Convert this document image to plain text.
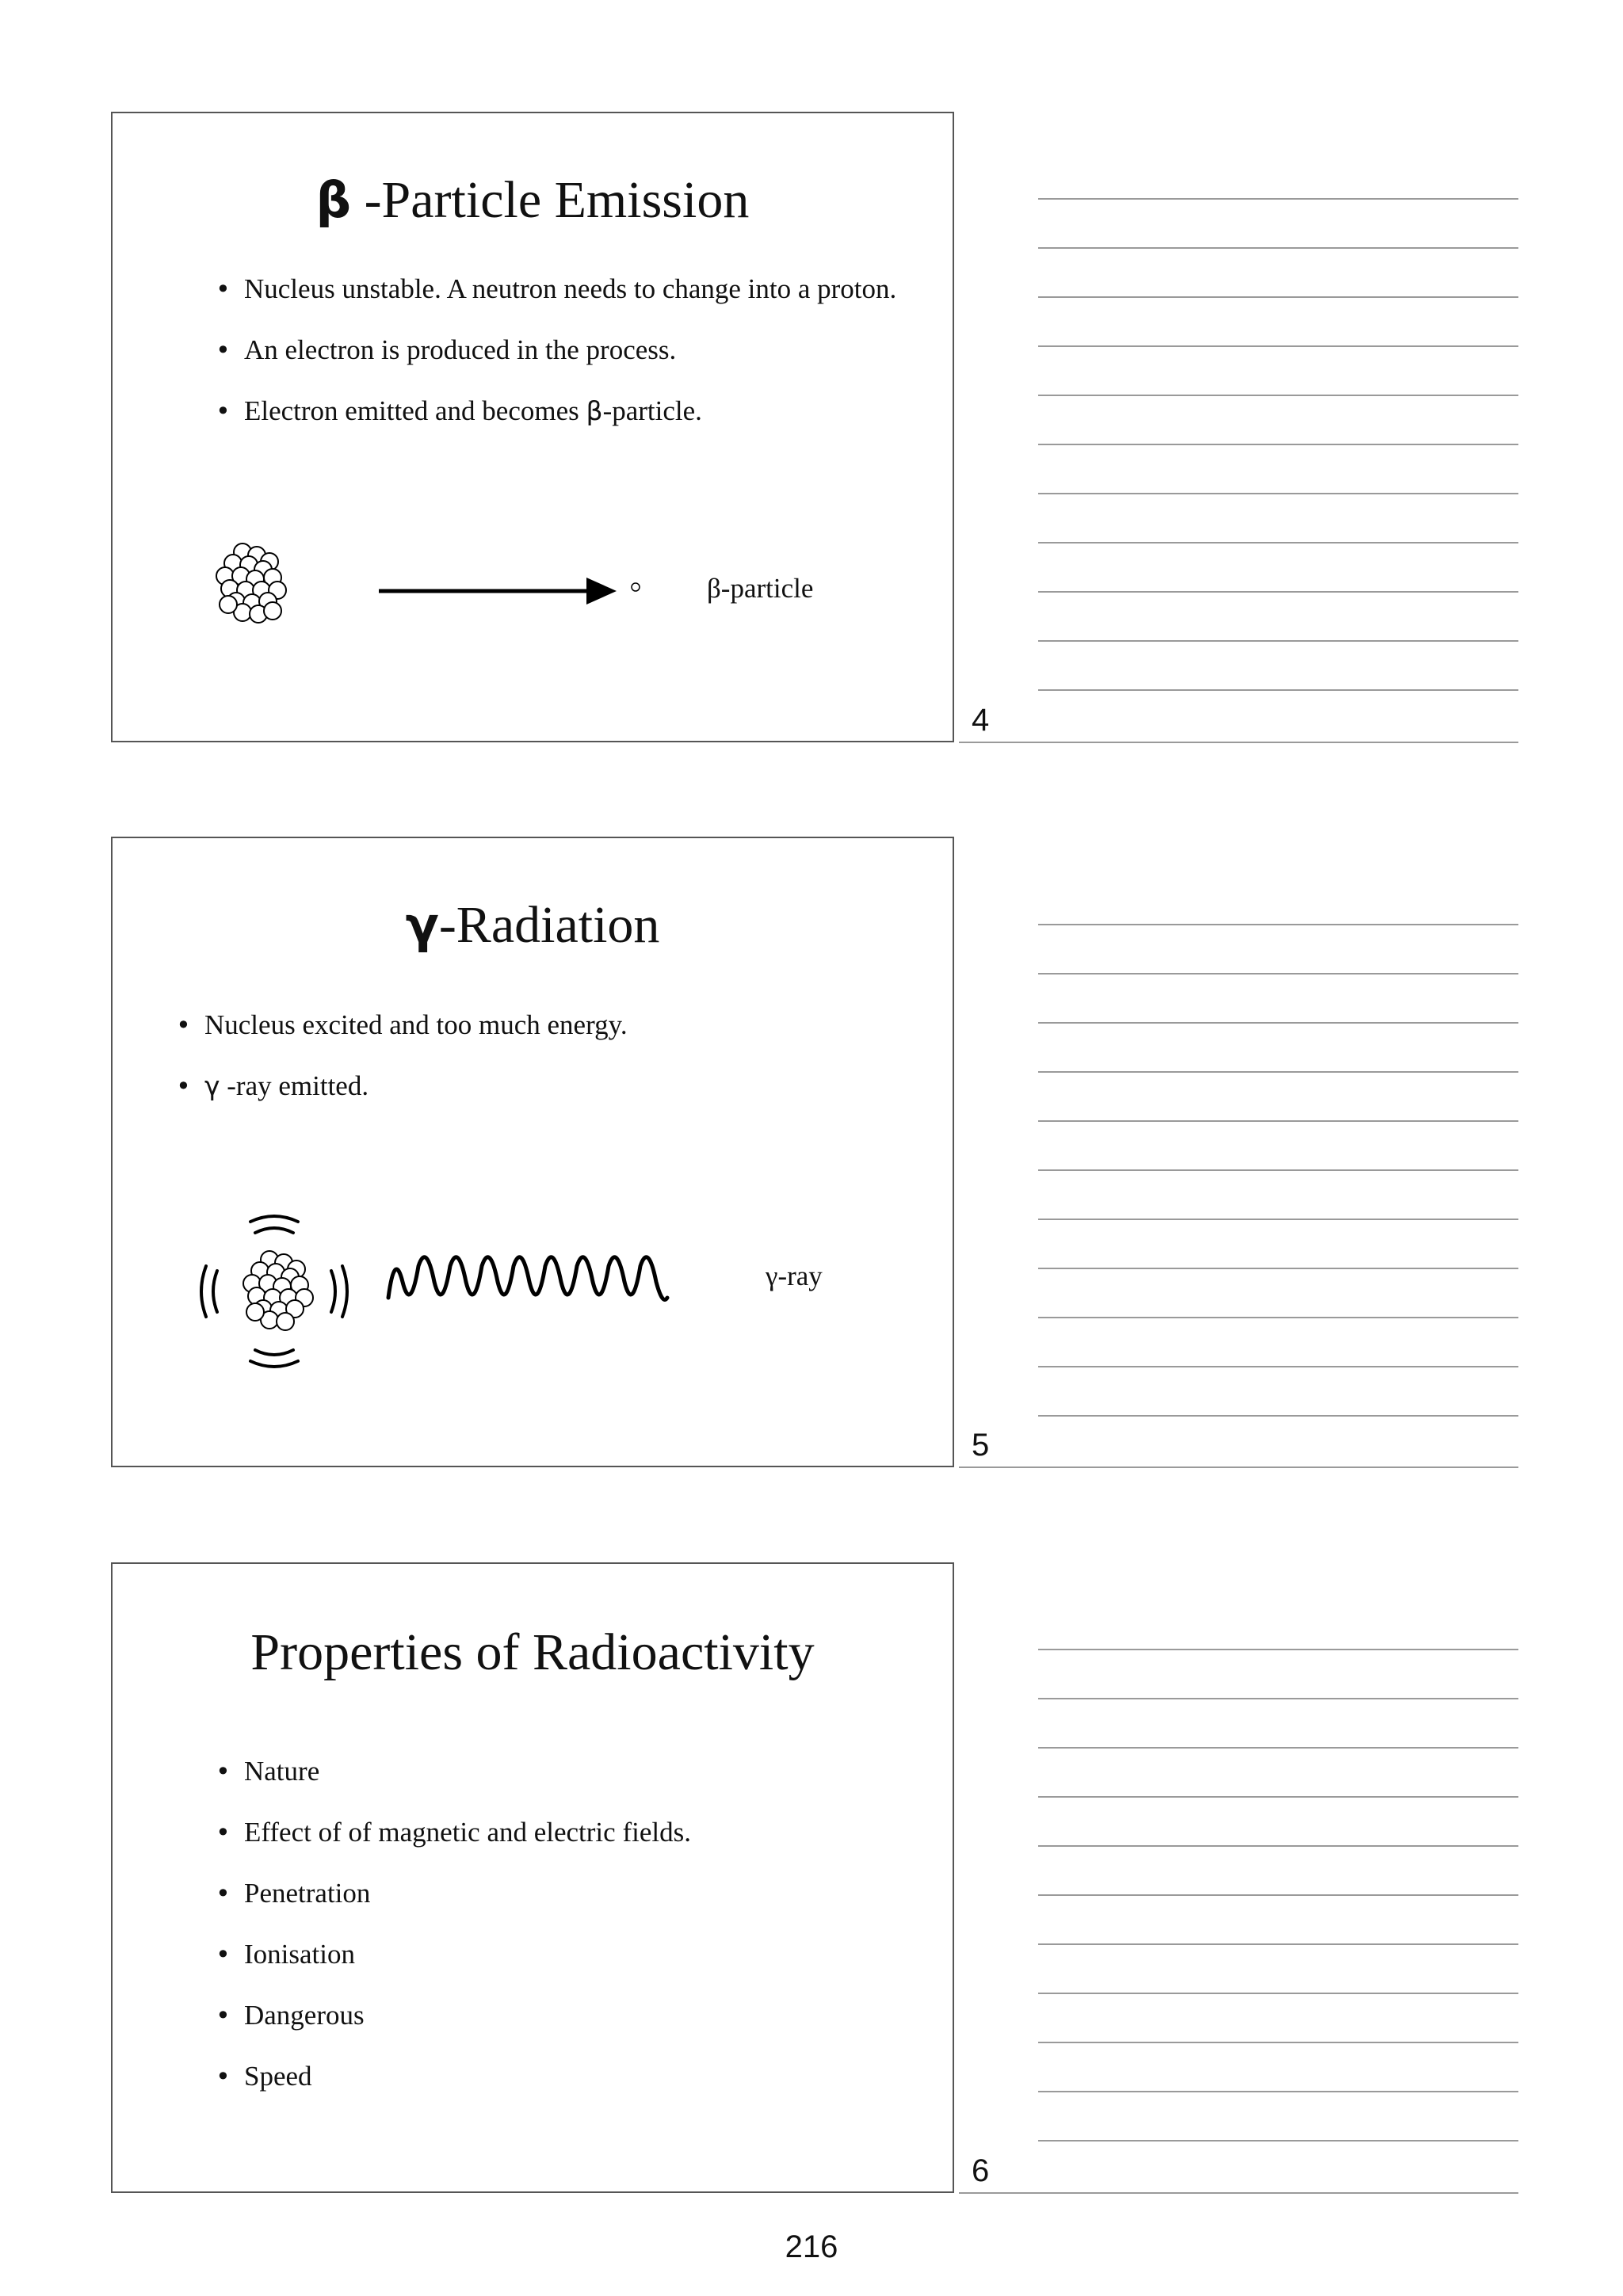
β -Particle Emission
• Nucleus unstable. A neutron needs to change into a proton.
• An electron is produced in the process.
• Electron emitted and becomes β-particle.
β-particle
4
γ-Radiation
• Nucleus excited and too much energy.
• γ -ray emitted.
γ-ray
5
Properties of Radioactivity
• Nature
• Effect of of magnetic and electric fields.
• Penetration
• Ionisation
• Dangerous
• Speed
6
216
